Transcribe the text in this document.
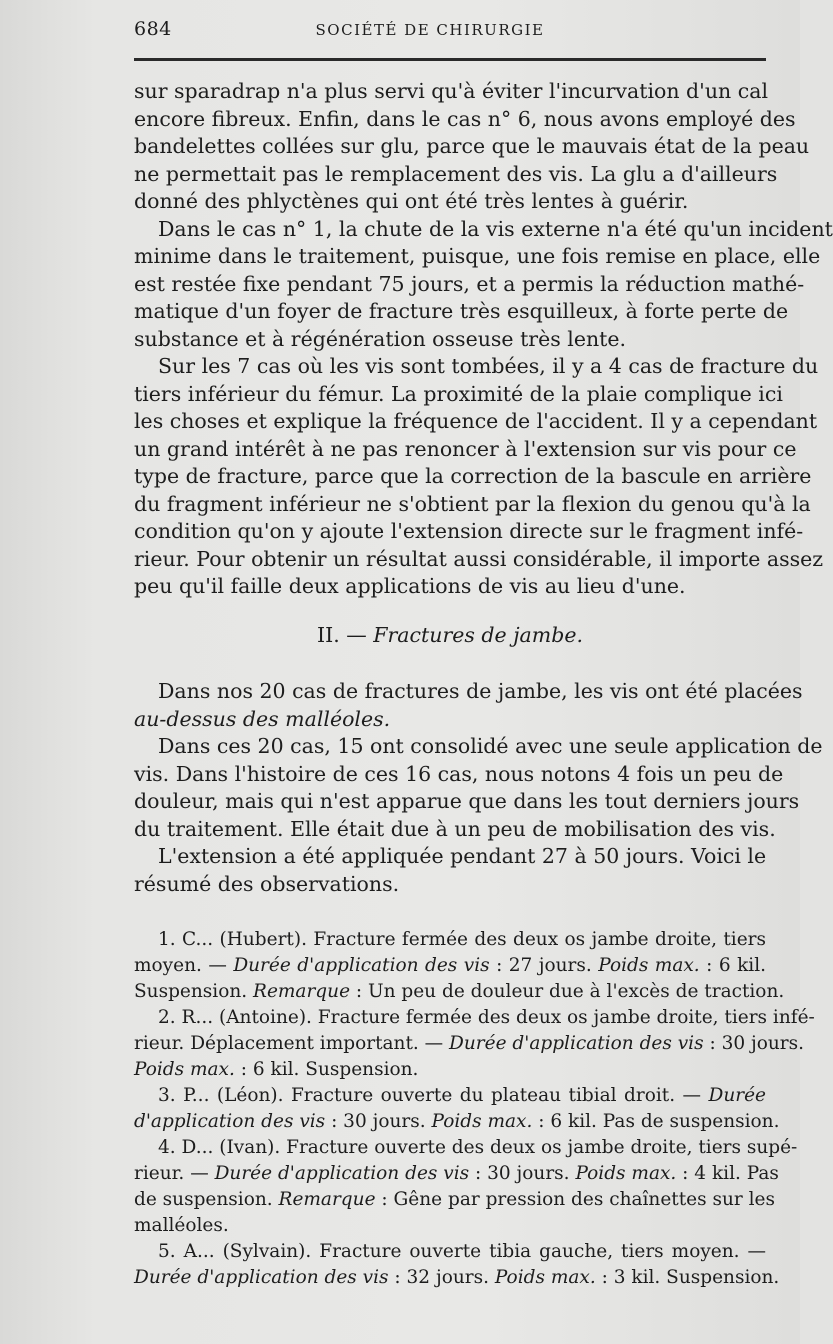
684	SOCIÉTÉ DE CHIRURGIE
sur sparadrap n'a plus servi qu'à éviter l'incurvation d'un cal
encore fibreux. Enfin, dans le cas n° 6, nous avons employé des
bandelettes collées sur glu, parce que le mauvais état de la peau
ne permettait pas le remplacement des vis. La glu a d'ailleurs
donné des phlyctènes qui ont été très lentes à guérir.
Dans le cas n° 1, la chute de la vis externe n'a été qu'un incident
minime dans le traitement, puisque, une fois remise en place, elle
est restée fixe pendant 75 jours, et a permis la réduction mathé-
matique d'un foyer de fracture très esquilleux, à forte perte de
substance et à régénération osseuse très lente.
Sur les 7 cas où les vis sont tombées, il y a 4 cas de fracture du
tiers inférieur du fémur. La proximité de la plaie complique ici
les choses et explique la fréquence de l'accident. Il y a cependant
un grand intérêt à ne pas renoncer à l'extension sur vis pour ce
type de fracture, parce que la correction de la bascule en arrière
du fragment inférieur ne s'obtient par la flexion du genou qu'à la
condition qu'on y ajoute l'extension directe sur le fragment infé-
rieur. Pour obtenir un résultat aussi considérable, il importe assez
peu qu'il faille deux applications de vis au lieu d'une.
II. — Fractures de jambe.
Dans nos 20 cas de fractures de jambe, les vis ont été placées
au-dessus des malléoles.
Dans ces 20 cas, 15 ont consolidé avec une seule application de
vis. Dans l'histoire de ces 16 cas, nous notons 4 fois un peu de
douleur, mais qui n'est apparue que dans les tout derniers jours
du traitement. Elle était due à un peu de mobilisation des vis.
L'extension a été appliquée pendant 27 à 50 jours. Voici le
résumé des observations.
1. C... (Hubert). Fracture fermée des deux os jambe droite, tiers
moyen. — Durée d'application des vis : 27 jours. Poids max. : 6 kil.
Suspension. Remarque : Un peu de douleur due à l'excès de traction.
2. R... (Antoine). Fracture fermée des deux os jambe droite, tiers infé-
rieur. Déplacement important. — Durée d'application des vis : 30 jours.
Poids max. : 6 kil. Suspension.
3. P... (Léon). Fracture ouverte du plateau tibial droit. — Durée
d'application des vis : 30 jours. Poids max. : 6 kil. Pas de suspension.
4. D... (Ivan). Fracture ouverte des deux os jambe droite, tiers supé-
rieur. — Durée d'application des vis : 30 jours. Poids max. : 4 kil. Pas
de suspension. Remarque : Gêne par pression des chaînettes sur les
malléoles.
5. A... (Sylvain). Fracture ouverte tibia gauche, tiers moyen. —
Durée d'application des vis : 32 jours. Poids max. : 3 kil. Suspension.
